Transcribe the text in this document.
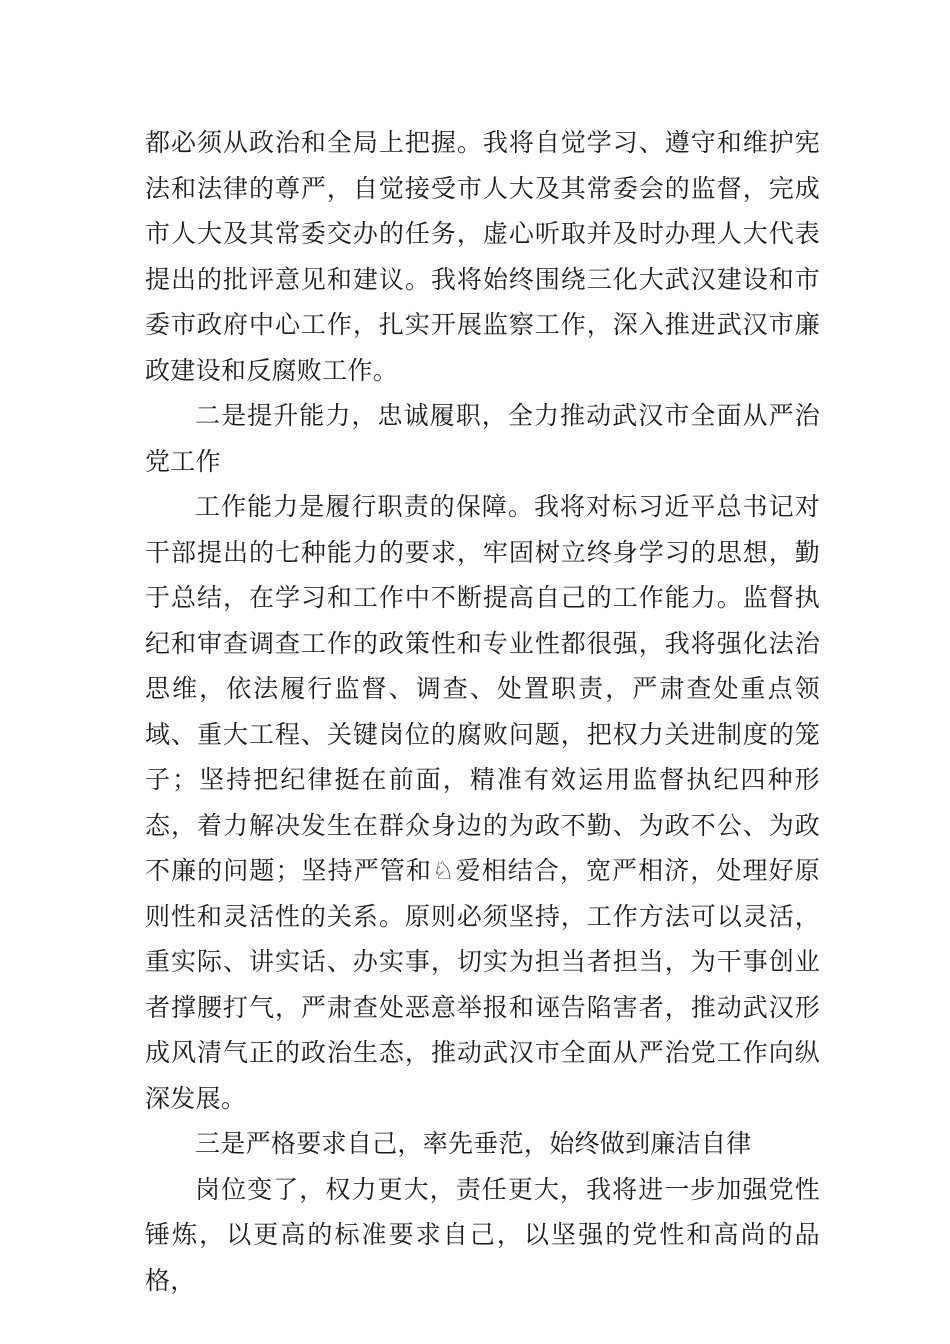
都必须从政治和全局上把握。我将自觉学习、遵守和维护宪法和法律的尊严，自觉接受市人大及其常委会的监督，完成市人大及其常委交办的任务，虚心听取并及时办理人大代表提出的批评意见和建议。我将始终围绕三化大武汉建设和市委市政府中心工作，扎实开展监察工作，深入推进武汉市廉政建设和反腐败工作。

二是提升能力，忠诚履职，全力推动武汉市全面从严治党工作

工作能力是履行职责的保障。我将对标习近平总书记对干部提出的七种能力的要求，牢固树立终身学习的思想，勤于总结，在学习和工作中不断提高自己的工作能力。监督执纪和审查调查工作的政策性和专业性都很强，我将强化法治思维，依法履行监督、调查、处置职责，严肃查处重点领域、重大工程、关键岗位的腐败问题，把权力关进制度的笼子；坚持把纪律挺在前面，精准有效运用监督执纪四种形态，着力解决发生在群众身边的为政不勤、为政不公、为政不廉的问题；坚持严管和♘爱相结合，宽严相济，处理好原则性和灵活性的关系。原则必须坚持，工作方法可以灵活，重实际、讲实话、办实事，切实为担当者担当，为干事创业者撑腰打气，严肃查处恶意举报和诬告陷害者，推动武汉形成风清气正的政治生态，推动武汉市全面从严治党工作向纵深发展。

三是严格要求自己，率先垂范，始终做到廉洁自律

岗位变了，权力更大，责任更大，我将进一步加强党性锤炼，以更高的标准要求自己，以坚强的党性和高尚的品格，
